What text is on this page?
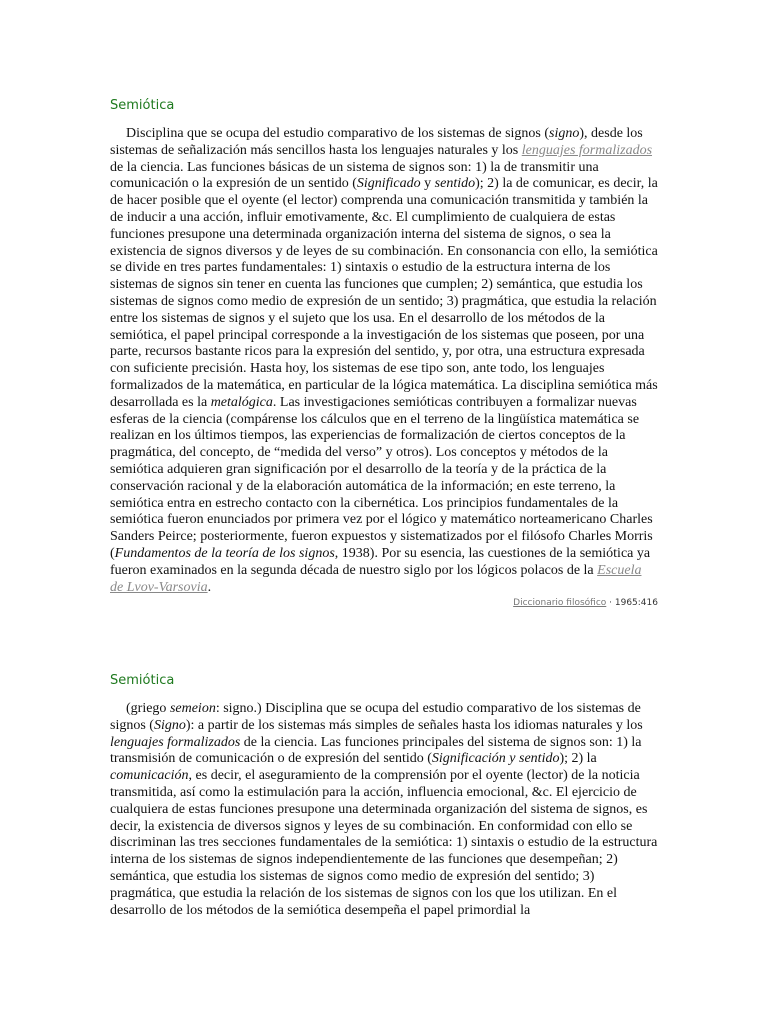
Semiótica

Disciplina que se ocupa del estudio comparativo de los sistemas de signos (signo), desde los sistemas de señalización más sencillos hasta los lenguajes naturales y los lenguajes formalizados de la ciencia. Las funciones básicas de un sistema de signos son: 1) la de transmitir una comunicación o la expresión de un sentido (Significado y sentido); 2) la de comunicar, es decir, la de hacer posible que el oyente (el lector) comprenda una comunicación transmitida y también la de inducir a una acción, influir emotivamente, &c. El cumplimiento de cualquiera de estas funciones presupone una determinada organización interna del sistema de signos, o sea la existencia de signos diversos y de leyes de su combinación. En consonancia con ello, la semiótica se divide en tres partes fundamentales: 1) sintaxis o estudio de la estructura interna de los sistemas de signos sin tener en cuenta las funciones que cumplen; 2) semántica, que estudia los sistemas de signos como medio de expresión de un sentido; 3) pragmática, que estudia la relación entre los sistemas de signos y el sujeto que los usa. En el desarrollo de los métodos de la semiótica, el papel principal corresponde a la investigación de los sistemas que poseen, por una parte, recursos bastante ricos para la expresión del sentido, y, por otra, una estructura expresada con suficiente precisión. Hasta hoy, los sistemas de ese tipo son, ante todo, los lenguajes formalizados de la matemática, en particular de la lógica matemática. La disciplina semiótica más desarrollada es la metalógica. Las investigaciones semióticas contribuyen a formalizar nuevas esferas de la ciencia (compárense los cálculos que en el terreno de la lingüística matemática se realizan en los últimos tiempos, las experiencias de formalización de ciertos conceptos de la pragmática, del concepto, de “medida del verso” y otros). Los conceptos y métodos de la semiótica adquieren gran significación por el desarrollo de la teoría y de la práctica de la conservación racional y de la elaboración automática de la información; en este terreno, la semiótica entra en estrecho contacto con la cibernética. Los principios fundamentales de la semiótica fueron enunciados por primera vez por el lógico y matemático norteamericano Charles Sanders Peirce; posteriormente, fueron expuestos y sistematizados por el filósofo Charles Morris (Fundamentos de la teoría de los signos, 1938). Por su esencia, las cuestiones de la semiótica ya fueron examinados en la segunda década de nuestro siglo por los lógicos polacos de la Escuela de Lvov-Varsovia.

Diccionario filosófico · 1965:416
Semiótica

(griego semeion: signo.) Disciplina que se ocupa del estudio comparativo de los sistemas de signos (Signo): a partir de los sistemas más simples de señales hasta los idiomas naturales y los lenguajes formalizados de la ciencia. Las funciones principales del sistema de signos son: 1) la transmisión de comunicación o de expresión del sentido (Significación y sentido); 2) la comunicación, es decir, el aseguramiento de la comprensión por el oyente (lector) de la noticia transmitida, así como la estimulación para la acción, influencia emocional, &c. El ejercicio de cualquiera de estas funciones presupone una determinada organización del sistema de signos, es decir, la existencia de diversos signos y leyes de su combinación. En conformidad con ello se discriminan las tres secciones fundamentales de la semiótica: 1) sintaxis o estudio de la estructura interna de los sistemas de signos independientemente de las funciones que desempeñan; 2) semántica, que estudia los sistemas de signos como medio de expresión del sentido; 3) pragmática, que estudia la relación de los sistemas de signos con los que los utilizan. En el desarrollo de los métodos de la semiótica desempeña el papel primordial la
